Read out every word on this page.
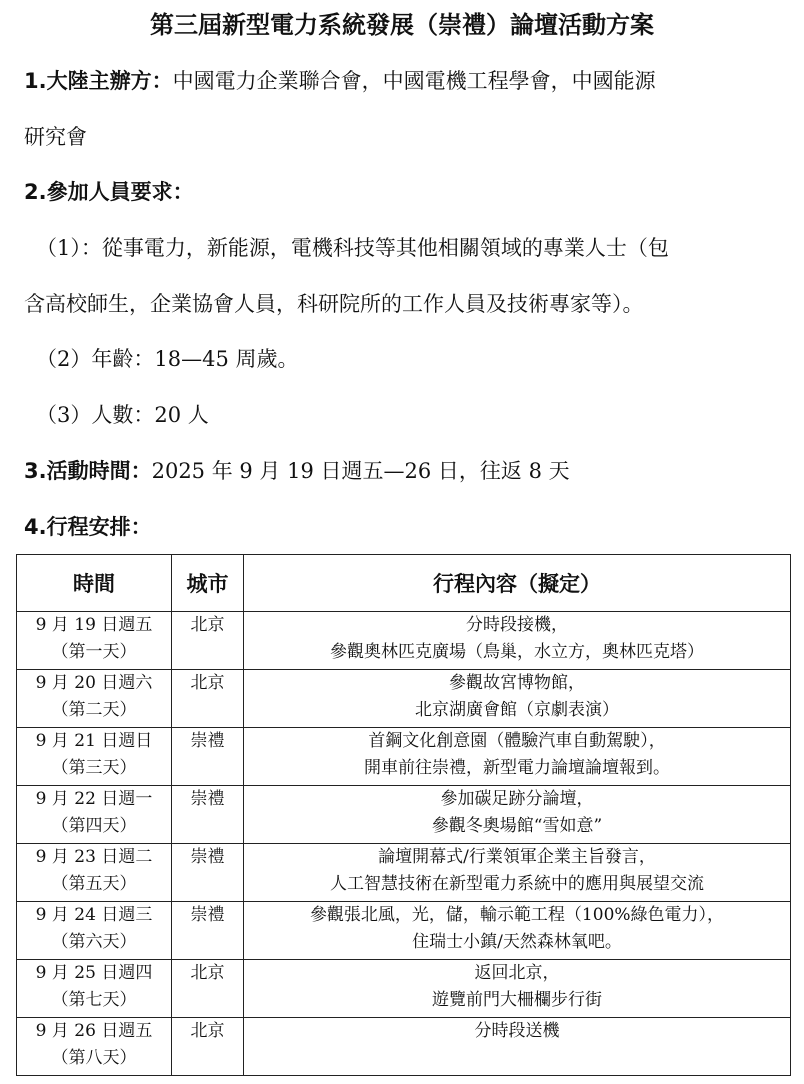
第三屆新型電力系統發展（崇禮）論壇活動方案

1.大陸主辦方：中國電力企業聯合會，中國電機工程學會，中國能源

研究會

2.參加人員要求：

（1）：從事電力，新能源，電機科技等其他相關領域的專業人士（包

含高校師生，企業協會人員，科研院所的工作人員及技術專家等）。

（2）年齡：18—45 周歲。

（3）人數：20 人

3.活動時間：2025 年 9 月 19 日週五—26 日，往返 8 天

4.行程安排：

時間	城市	行程內容（擬定）

9 月 19 日週五
（第一天）	北京	分時段接機，
參觀奧林匹克廣場（鳥巢，水立方，奧林匹克塔）

9 月 20 日週六
（第二天）	北京	參觀故宮博物館，
北京湖廣會館（京劇表演）

9 月 21 日週日
（第三天）	崇禮	首鋼文化創意園（體驗汽車自動駕駛），
開車前往崇禮，新型電力論壇論壇報到。

9 月 22 日週一
（第四天）	崇禮	參加碳足跡分論壇，
參觀冬奧場館“雪如意”

9 月 23 日週二
（第五天）	崇禮	論壇開幕式/行業領軍企業主旨發言，
人工智慧技術在新型電力系統中的應用與展望交流

9 月 24 日週三
（第六天）	崇禮	參觀張北風，光，儲，輸示範工程（100%綠色電力），
住瑞士小鎮/天然森林氧吧。

9 月 25 日週四
（第七天）	北京	返回北京，
遊覽前門大柵欄步行街

9 月 26 日週五
（第八天）	北京	分時段送機
